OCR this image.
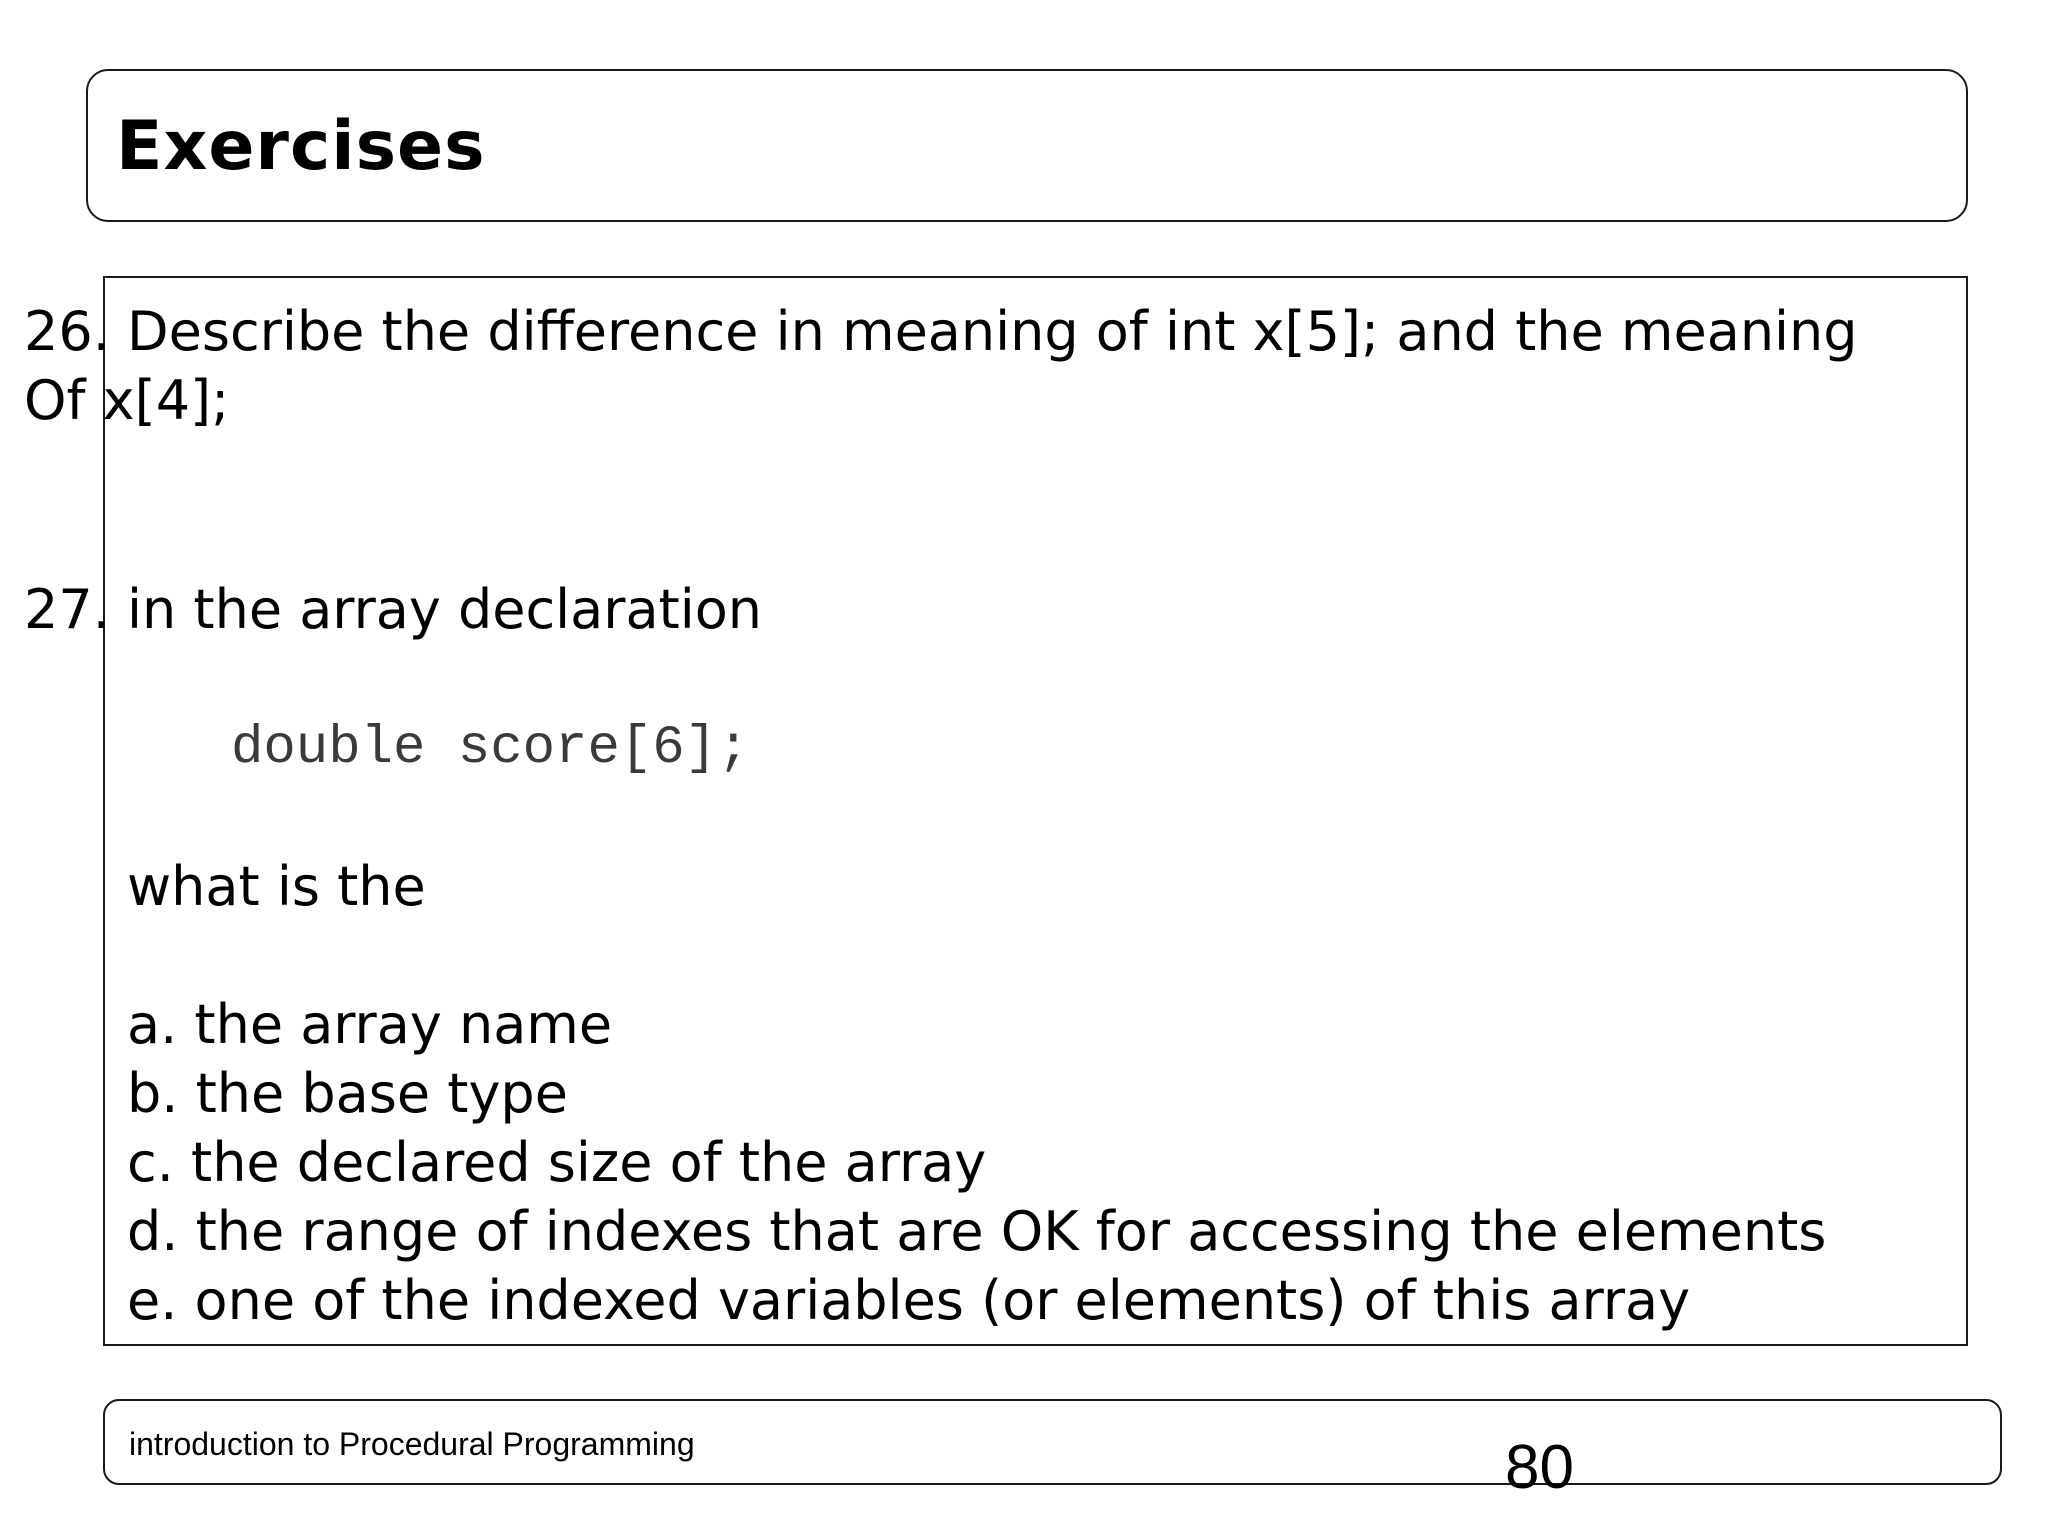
Exercises
26. Describe the difference in meaning of int x[5]; and the meaning
Of x[4];
27. in the array declaration
double score[6];
what is the
a. the array name
b. the base type
c. the declared size of the array
d. the range of indexes that are OK for accessing the elements
e. one of the indexed variables (or elements) of this array
introduction to Procedural Programming	80
